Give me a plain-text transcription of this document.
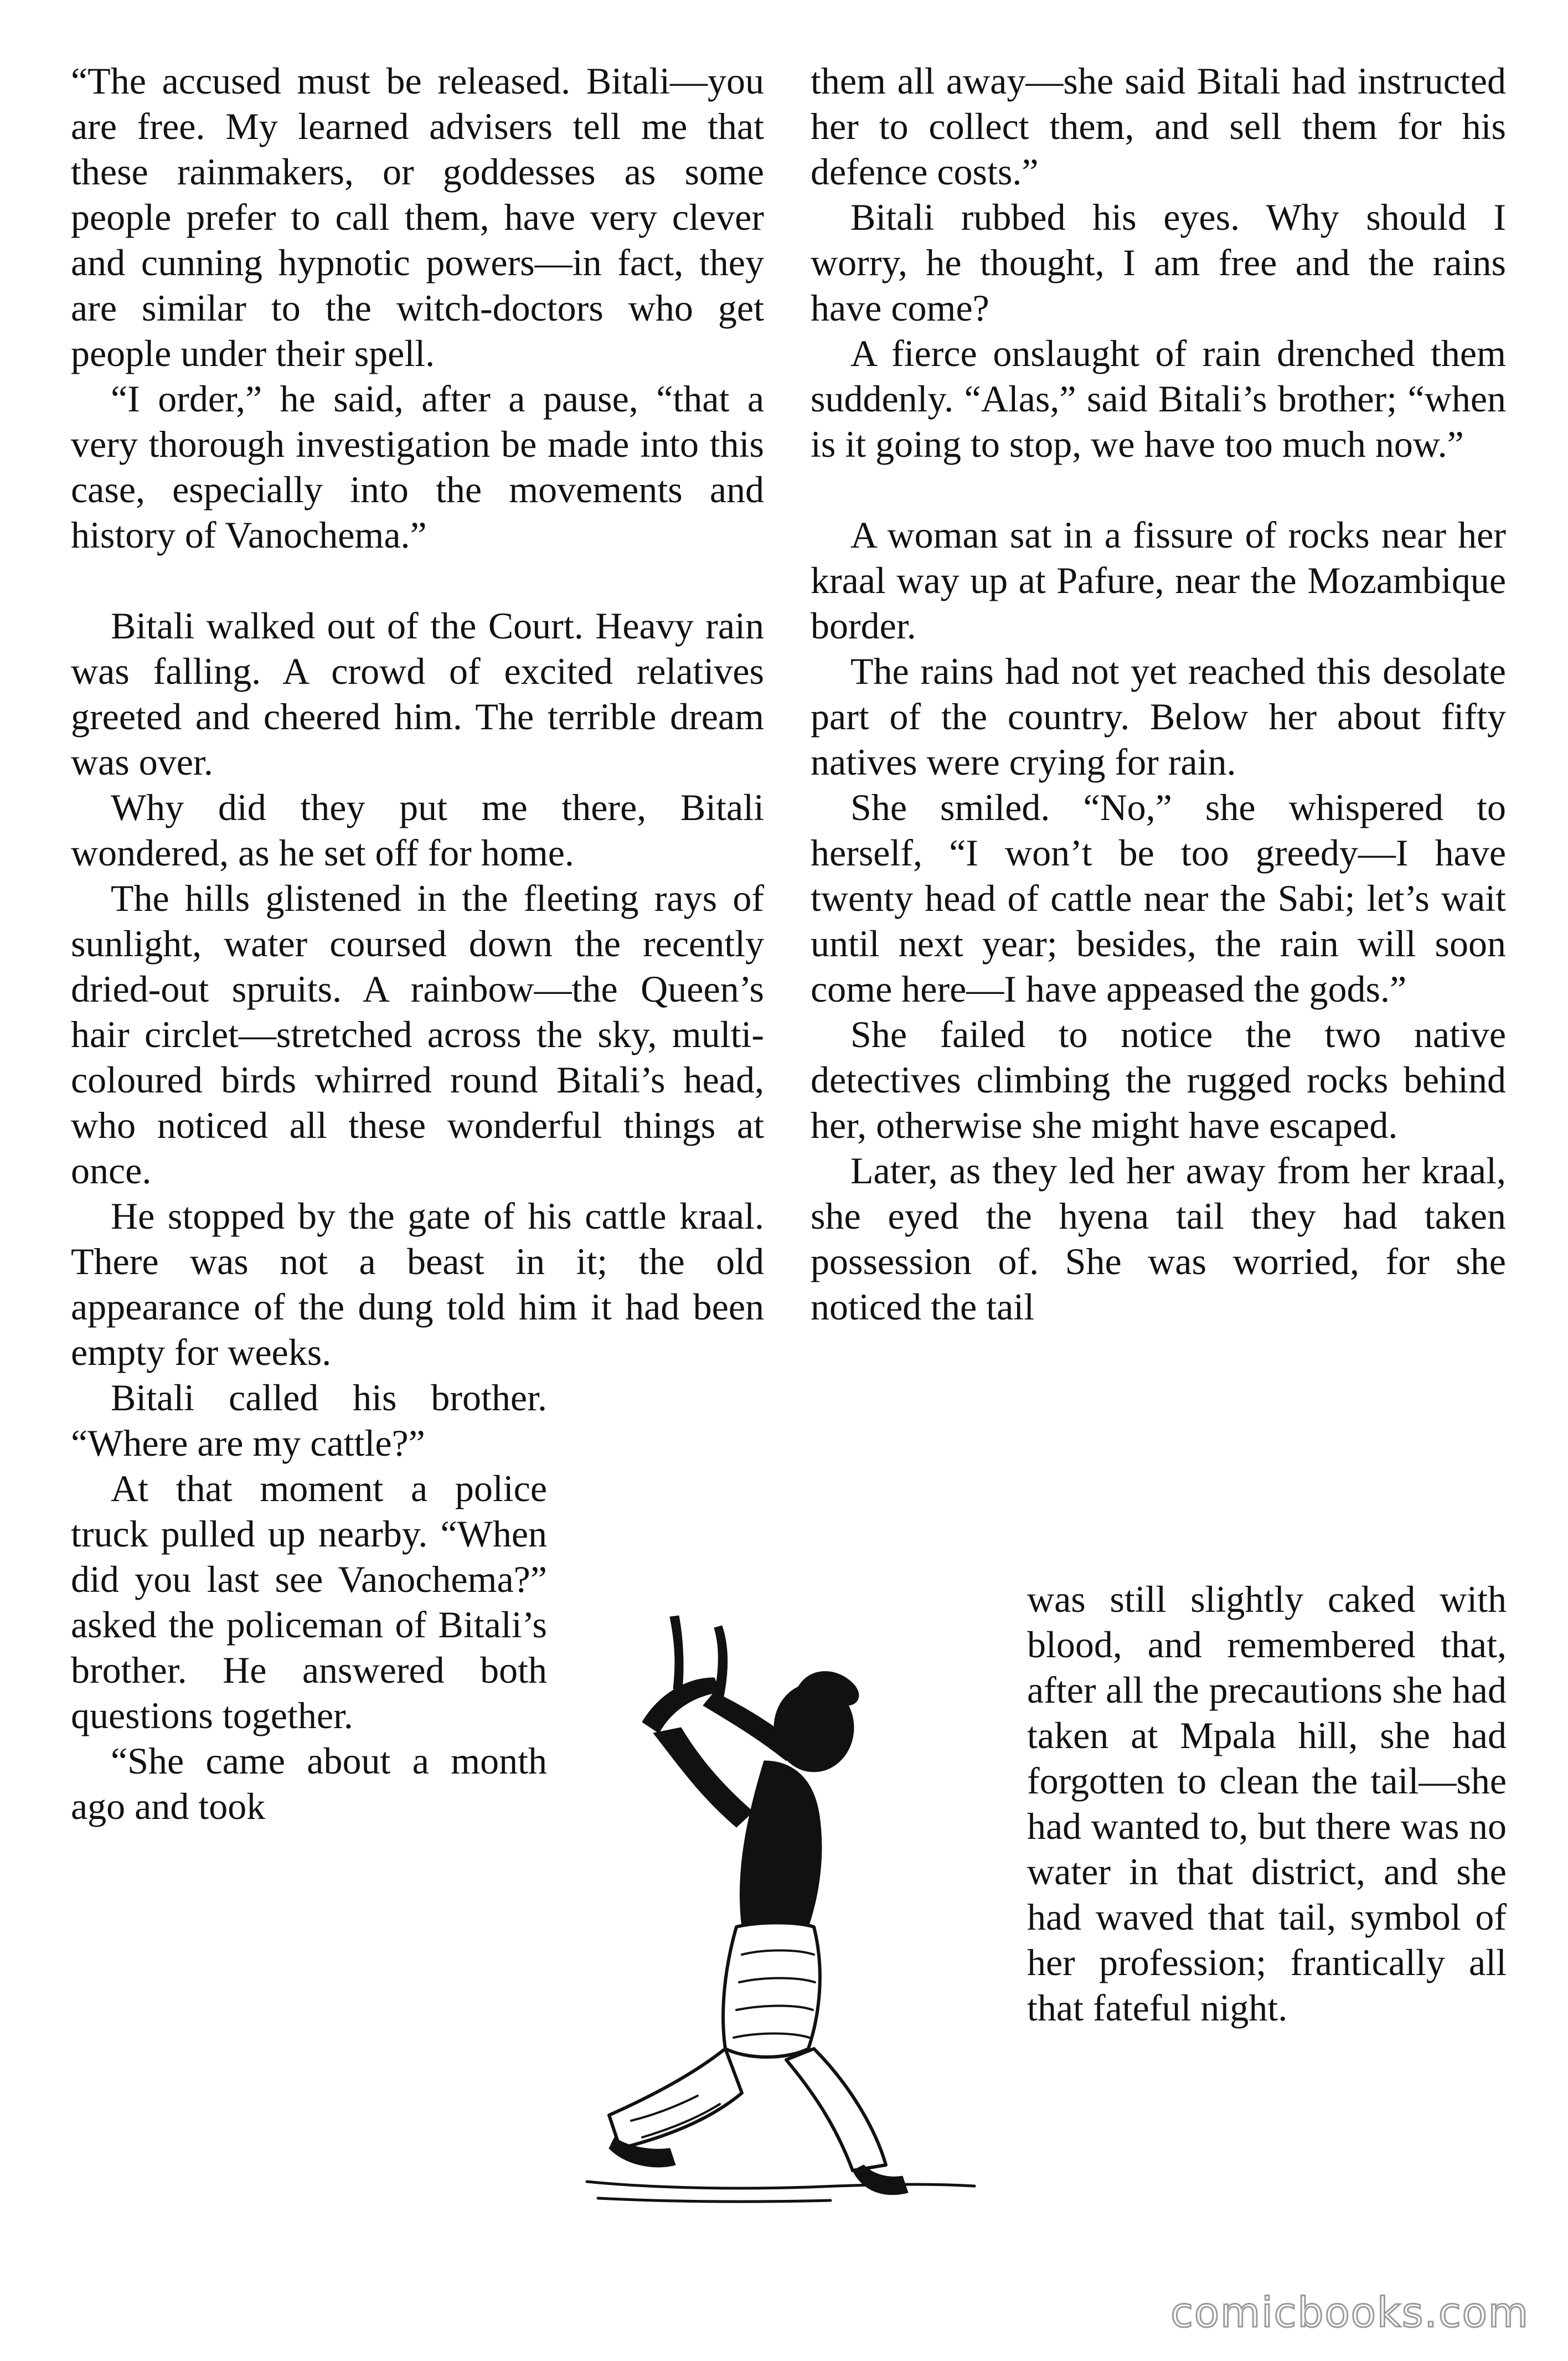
“The accused must be released. Bitali—you are free. My learned advisers tell me that these rainmakers, or goddesses as some people prefer to call them, have very clever and cunning hypnotic powers—in fact, they are similar to the witch-doctors who get people under their spell.

“I order,” he said, after a pause, “that a very thorough investigation be made into this case, especially into the movements and history of Vanochema.”

Bitali walked out of the Court. Heavy rain was falling. A crowd of excited relatives greeted and cheered him. The terrible dream was over.

Why did they put me there, Bitali wondered, as he set off for home.

The hills glistened in the fleeting rays of sunlight, water coursed down the recently dried-out spruits. A rainbow—the Queen’s hair circlet—stretched across the sky, multi-coloured birds whirred round Bitali’s head, who noticed all these wonderful things at once.

He stopped by the gate of his cattle kraal. There was not a beast in it; the old appearance of the dung told him it had been empty for weeks.

Bitali called his brother. “Where are my cattle?”

At that moment a police truck pulled up nearby. “When did you last see Vanochema?” asked the policeman of Bitali’s brother. He answered both questions together.

“She came about a month ago and took

them all away—she said Bitali had instructed her to collect them, and sell them for his defence costs.”

Bitali rubbed his eyes. Why should I worry, he thought, I am free and the rains have come?

A fierce onslaught of rain drenched them suddenly. “Alas,” said Bitali’s brother; “when is it going to stop, we have too much now.”

A woman sat in a fissure of rocks near her kraal way up at Pafure, near the Mozambique border.

The rains had not yet reached this desolate part of the country. Below her about fifty natives were crying for rain.

She smiled. “No,” she whispered to herself, “I won’t be too greedy—I have twenty head of cattle near the Sabi; let’s wait until next year; besides, the rain will soon come here—I have appeased the gods.”

She failed to notice the two native detectives climbing the rugged rocks behind her, otherwise she might have escaped.

Later, as they led her away from her kraal, she eyed the hyena tail they had taken possession of. She was worried, for she noticed the tail

was still slightly caked with blood, and remembered that, after all the precautions she had taken at Mpala hill, she had forgotten to clean the tail—she had wanted to, but there was no water in that district, and she had waved that tail, symbol of her profession; frantically all that fateful night.
comicbooks.com
